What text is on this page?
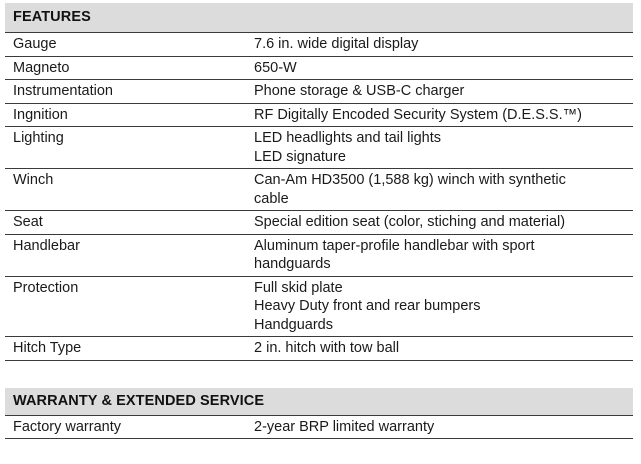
FEATURES
Gauge	7.6 in. wide digital display
Magneto	650-W
Instrumentation	Phone storage & USB-C charger
Ingnition	RF Digitally Encoded Security System (D.E.S.S.™)
Lighting	LED headlights and tail lights
LED signature
Winch	Can-Am HD3500 (1,588 kg) winch with synthetic
cable
Seat	Special edition seat (color, stiching and material)
Handlebar	Aluminum taper-profile handlebar with sport
handguards
Protection	Full skid plate
Heavy Duty front and rear bumpers
Handguards
Hitch Type	2 in. hitch with tow ball
WARRANTY & EXTENDED SERVICE
Factory warranty	2-year BRP limited warranty
